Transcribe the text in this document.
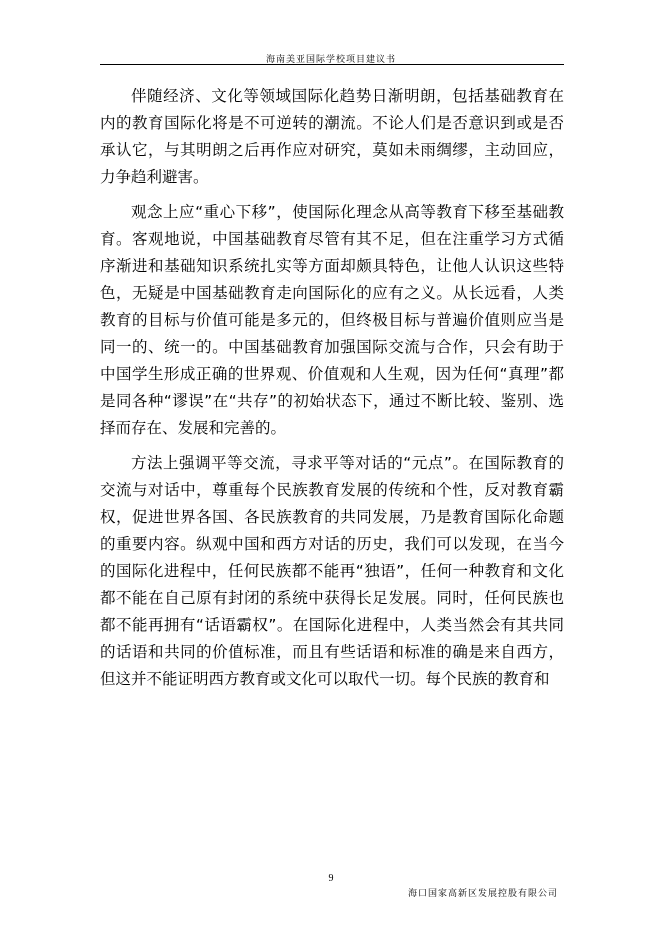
海南美亚国际学校项目建议书

伴随经济、文化等领域国际化趋势日渐明朗，包括基础教育在内的教育国际化将是不可逆转的潮流。不论人们是否意识到或是否承认它，与其明朗之后再作应对研究，莫如未雨绸缪，主动回应，力争趋利避害。

观念上应“重心下移”，使国际化理念从高等教育下移至基础教育。客观地说，中国基础教育尽管有其不足，但在注重学习方式循序渐进和基础知识系统扎实等方面却颇具特色，让他人认识这些特色，无疑是中国基础教育走向国际化的应有之义。从长远看，人类教育的目标与价值可能是多元的，但终极目标与普遍价值则应当是同一的、统一的。中国基础教育加强国际交流与合作，只会有助于中国学生形成正确的世界观、价值观和人生观，因为任何“真理”都是同各种“谬误”在“共存”的初始状态下，通过不断比较、鉴别、选择而存在、发展和完善的。

方法上强调平等交流，寻求平等对话的“元点”。在国际教育的交流与对话中，尊重每个民族教育发展的传统和个性，反对教育霸权，促进世界各国、各民族教育的共同发展，乃是教育国际化命题的重要内容。纵观中国和西方对话的历史，我们可以发现，在当今的国际化进程中，任何民族都不能再“独语”，任何一种教育和文化都不能在自己原有封闭的系统中获得长足发展。同时，任何民族也都不能再拥有“话语霸权”。在国际化进程中，人类当然会有其共同的话语和共同的价值标准，而且有些话语和标准的确是来自西方，但这并不能证明西方教育或文化可以取代一切。每个民族的教育和

9
海口国家高新区发展控股有限公司
